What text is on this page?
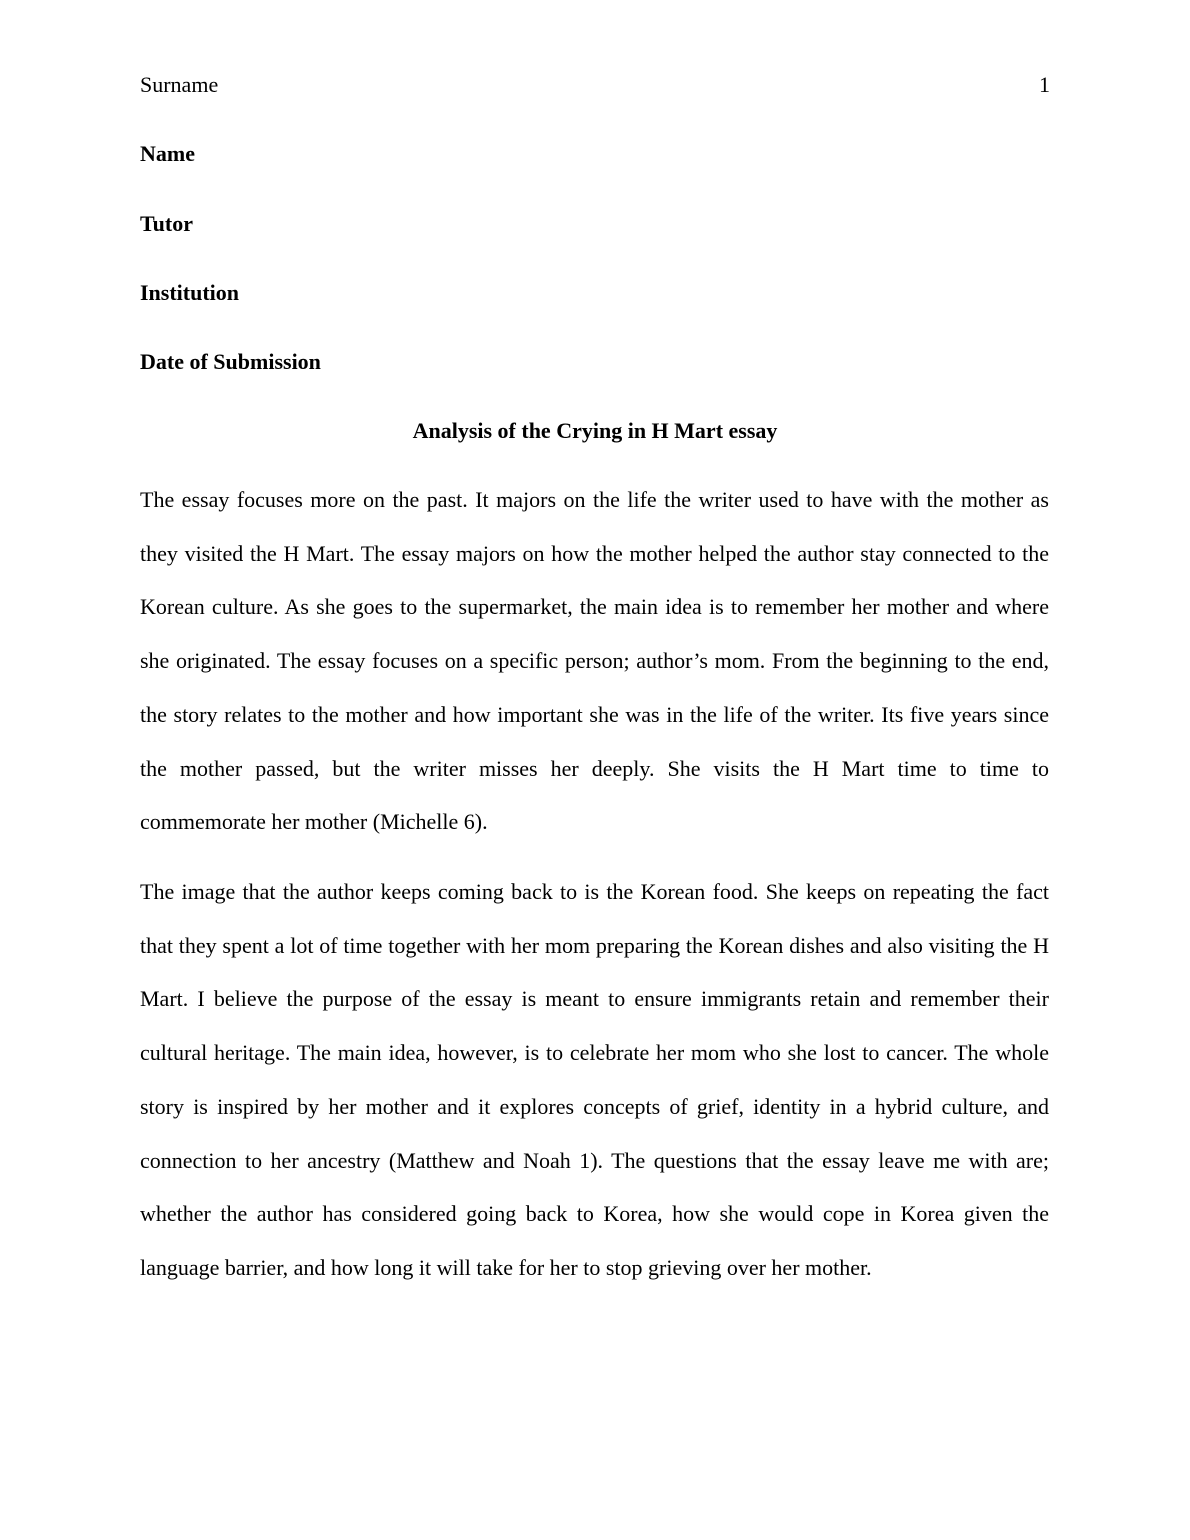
Surname	1
Name
Tutor
Institution
Date of Submission
Analysis of the Crying in H Mart essay

The essay focuses more on the past. It majors on the life the writer used to have with the mother as they visited the H Mart. The essay majors on how the mother helped the author stay connected to the Korean culture. As she goes to the supermarket, the main idea is to remember her mother and where she originated. The essay focuses on a specific person; author’s mom. From the beginning to the end, the story relates to the mother and how important she was in the life of the writer. Its five years since the mother passed, but the writer misses her deeply. She visits the H Mart time to time to commemorate her mother (Michelle 6).

The image that the author keeps coming back to is the Korean food. She keeps on repeating the fact that they spent a lot of time together with her mom preparing the Korean dishes and also visiting the H Mart. I believe the purpose of the essay is meant to ensure immigrants retain and remember their cultural heritage. The main idea, however, is to celebrate her mom who she lost to cancer. The whole story is inspired by her mother and it explores concepts of grief, identity in a hybrid culture, and connection to her ancestry (Matthew and Noah 1). The questions that the essay leave me with are; whether the author has considered going back to Korea, how she would cope in Korea given the language barrier, and how long it will take for her to stop grieving over her mother.
